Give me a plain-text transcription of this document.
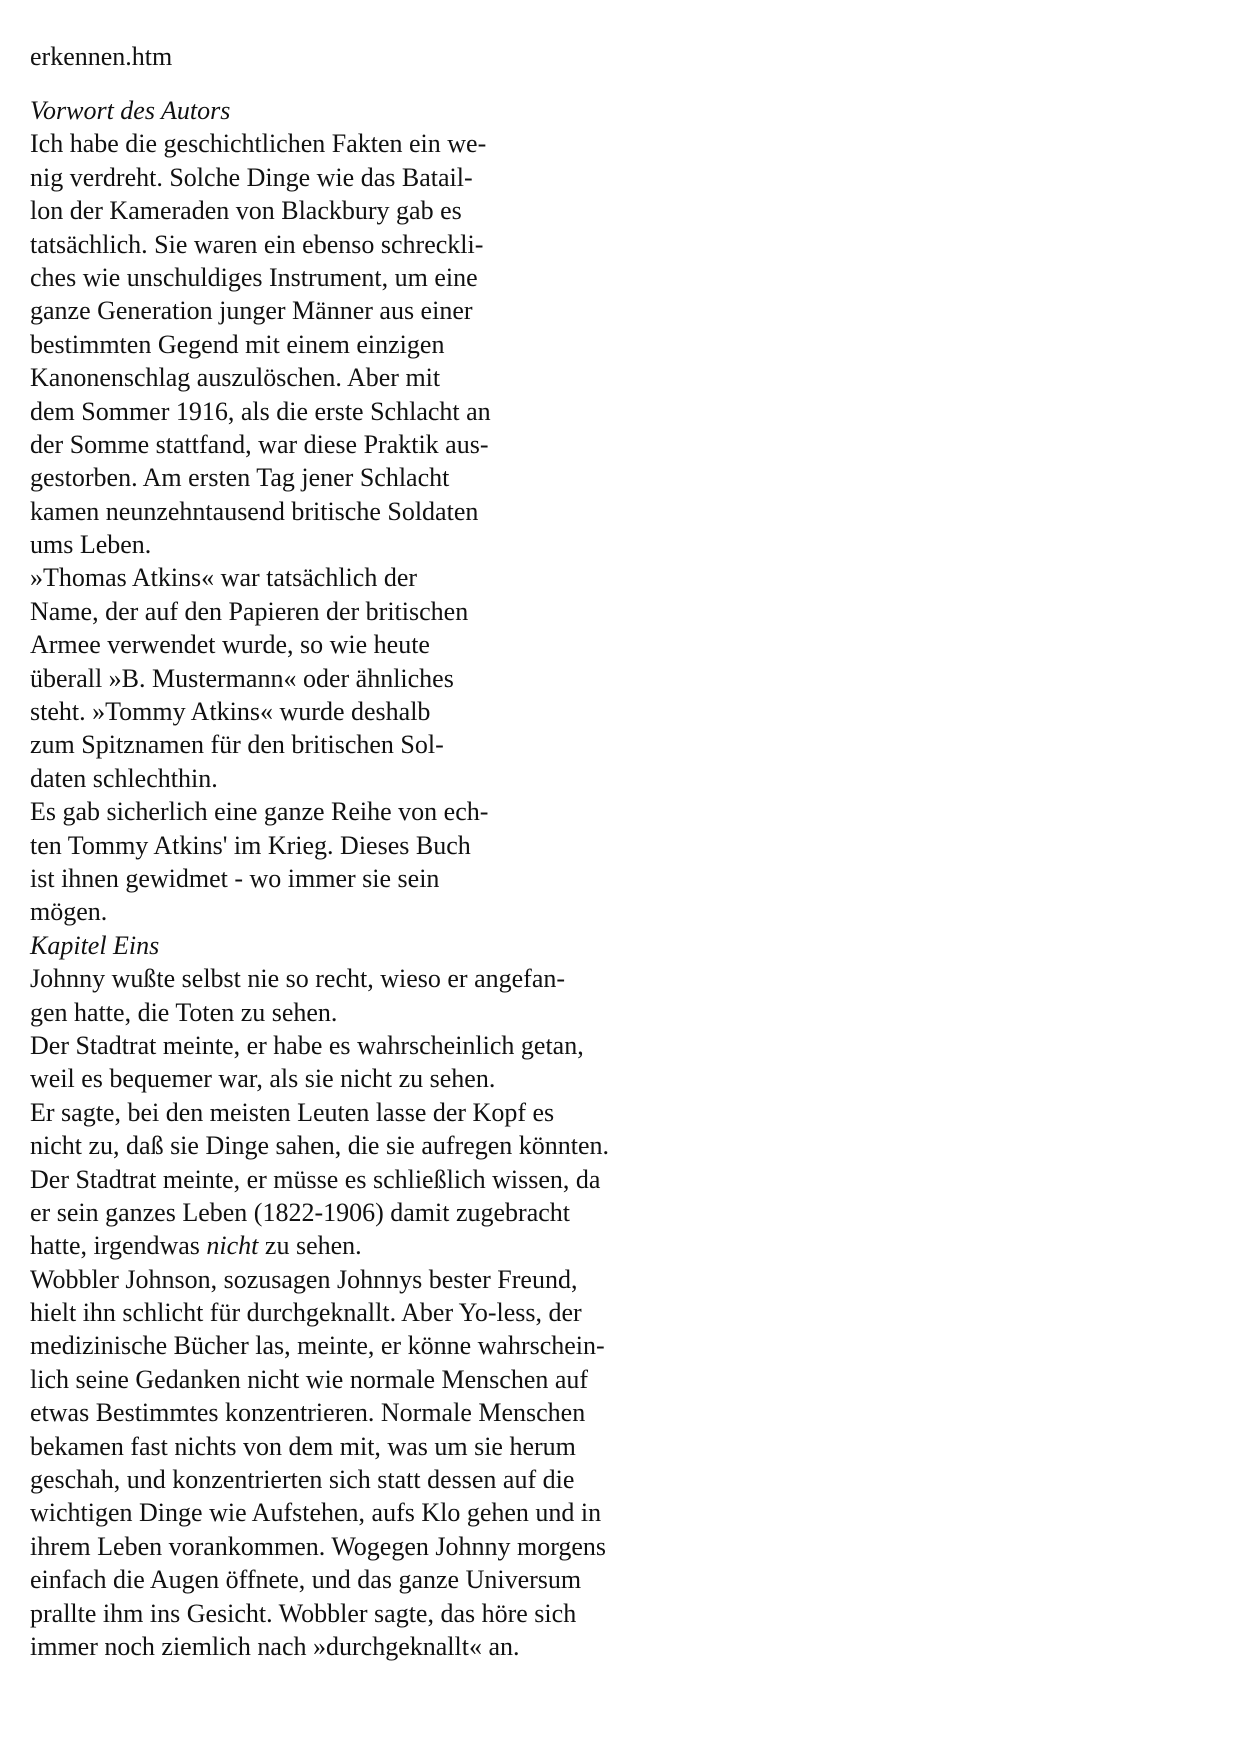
erkennen.htm
Vorwort des Autors
Ich habe die geschichtlichen Fakten ein we-
nig verdreht. Solche Dinge wie das Batail-
lon der Kameraden von Blackbury gab es
tatsächlich. Sie waren ein ebenso schreckli-
ches wie unschuldiges Instrument, um eine
ganze Generation junger Männer aus einer
bestimmten Gegend mit einem einzigen
Kanonenschlag auszulöschen. Aber mit
dem Sommer 1916, als die erste Schlacht an
der Somme stattfand, war diese Praktik aus-
gestorben. Am ersten Tag jener Schlacht
kamen neunzehntausend britische Soldaten
ums Leben.
»Thomas Atkins« war tatsächlich der
Name, der auf den Papieren der britischen
Armee verwendet wurde, so wie heute
überall »B. Mustermann« oder ähnliches
steht. »Tommy Atkins« wurde deshalb
zum Spitznamen für den britischen Sol-
daten schlechthin.
Es gab sicherlich eine ganze Reihe von ech-
ten Tommy Atkins' im Krieg. Dieses Buch
ist ihnen gewidmet - wo immer sie sein
mögen.
Kapitel Eins
Johnny wußte selbst nie so recht, wieso er angefan-
gen hatte, die Toten zu sehen.
Der Stadtrat meinte, er habe es wahrscheinlich getan,
weil es bequemer war, als sie nicht zu sehen.
Er sagte, bei den meisten Leuten lasse der Kopf es
nicht zu, daß sie Dinge sahen, die sie aufregen könnten.
Der Stadtrat meinte, er müsse es schließlich wissen, da
er sein ganzes Leben (1822-1906) damit zugebracht
hatte, irgendwas nicht zu sehen.
Wobbler Johnson, sozusagen Johnnys bester Freund,
hielt ihn schlicht für durchgeknallt. Aber Yo-less, der
medizinische Bücher las, meinte, er könne wahrschein-
lich seine Gedanken nicht wie normale Menschen auf
etwas Bestimmtes konzentrieren. Normale Menschen
bekamen fast nichts von dem mit, was um sie herum
geschah, und konzentrierten sich statt dessen auf die
wichtigen Dinge wie Aufstehen, aufs Klo gehen und in
ihrem Leben vorankommen. Wogegen Johnny morgens
einfach die Augen öffnete, und das ganze Universum
prallte ihm ins Gesicht. Wobbler sagte, das höre sich
immer noch ziemlich nach »durchgeknallt« an.
